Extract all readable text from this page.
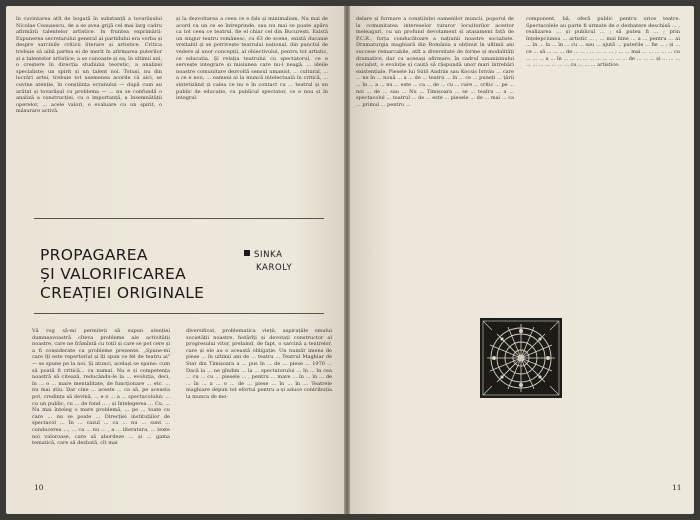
în cuvintarea atît de bogată în substanță a tovarășului Nicolae Ceaușescu, de a se avea grijă cel mai larg cadru afirmării talentelor artistice. In fruntea exprimării: Expunerea secretarului general al partidului era vorba și despre sarcinile criticii literare și artistice. Critica trebuie să aibă partea ei de merit în afirmarea puterilor și a talentelor artistice; a se cunoaște și ea, în ultimii ani, o creștere în direcția studiului teoretic, a analizei specialiste; un spirit și un talent noi. Totuși, nu din lucrări artei, trebuie tot asemenea acorde că aici, se cuvine atenție, în conștiința ecranului — după cum au arătat și tovarășul cu problema — ... nu se confundă o analiză a construcției, cu o importanță, a însemnătății operelor, ... acele valori, o evaluare cu un spirit, o măsurare activă.

și la dezvoltarea a ceea ce e fals și minimalism. Nu mai de acord cu un ce se întreprinde, sau nu mai se poate apăra ca tot ceea ce teatrul, fie el chiar cel din București. Există un singur teatru românesc, cu 63 de scene, există ducanie vreitabil și se potrivește teatrului național, din punctul de vedere al unor concepții, al obiectivului, pentru tot artistic, ce educația. Și relația teatrului cu spectatorul, ce e servește integrare și misiunea care nu-l neagă. ... ideile noastre comunitare dezvoltă sensul umanist, ... cultural, ... a ce e nou, ... oameni ai la muncă intelectuală în critică, ... sintetizând și calea ce nu e în contact cu ... teatrul și un public de educație, cu publicul spectator, ce e nou și în integral.

PROPAGAREA
ȘI VALORIFICAREA
CREAȚIEI ORIGINALE
SINKA
KAROLY

Vă rog să-mi permiteți să supun atenției dumneavoastră cîteva probleme ale activității noastre, care ne frămîntă cu toții și care se pot cere și a fi considerate ca probleme prezente. „Spune-mi care îți este repertoriul și îți spun ce fel de teatru ai" — se spune pe la noi. Și atunci, același se spune: cum să poată fi critică... cu numai. Nu e și competența noastră să citează, reducându-le la ... evoluția, deci, în ... o ... mare mentalitate, de funcționare ... etc. ... nu mai știu. Dar cine ... aceste ... ca să, pe aceasta pot, credința să devină, ... e o ... a ... spectacolului: ... cu un public, cu ... de fond ... , și înțelegerea ... Cu, ... Nu mai înțeleg o mare problemă, ... pe ... toate cu care ... nu se poate ... Direcției instituțiilor de spectacol ... În ... cazul ... ca ... nu ... sunt ... conducerea ..., ... ca ... nu ... , a ... literatura, ... texte noi valoroase, care să abordeze ... și ... gama tematică, care să dezbată, cît mai

diversificat, problematica vieții, aspirațiile omului societății noastre, hotărîți și devotați constructor al progresului vitor, prelaind, de fapt, o sarcină a teatrelor, care și ele au o această obligație. Un număr imens de piese ... în ultimii ani de ... teatru ... Teatrul Maghiar de Stat din Timișoara a ... pus în ... de ... piese ... 1970 ... Dacă la ... ne gîndim ... la ... spectatorului ... în ... în cea ... cu ... cu ... piesele ... , pentru ... mare ... în ... în ... de ... în ... a ... o ... de ... piese ... în ... în ... Teatrele maghiare depun tot efortul pentru a-și aduce contribuția la munca de mo-

10

delare și formare a conștiinței oamenilor muncii, poporul de la comunitatea intereselor tuturor locuitorilor acestor meleaguri, cu un profund devotament și atașament față de P.C.R., forța conducătoare a națiunii noastre socialiste. Dramaturgia maghiară din România a obținut în ultimii ani succese remarcabile, atît a diversitate de forme și modalități dramatice, dar cu aceeași afirmare, în cadrul umanismului socialist, o evoluție și caută să răspundă unor mari întrebări existențiale. Piesele lui Sütő András sau Kocsis István ... care ... ne în ... nouă ... a ... de ... teatru ... în ... ce ... puneți ... țării ... în ... a ... nu ... este ... ca ... de ... cu ... care ... critic ... pe ... noi ... de ... sau ... Nu ... Timișoara ... se ... teatru ... a ... spectacolul ... teatrul ... de ... este ... piesele ... de ... mai ... ca ... primul ... pentru ...

component, bă, oferă public pentru orice teatre. Spectacolele au parte fi urmate de o dezbatere deschisă ... , realizarea ... și publicul ... ; să putea fi ... ; prin înțelepciunea ... artistic ... , ... mai bine ... a ... pentru ... ai ... în ... la ... în ... cu ... sau ... ajută ... puterile ... fie ... ; și ... ce ... să ... ... ... de ... ... , ... ... ... ... ; ... ... mai ... ... ... ... ... cu ... ... ... a ... în ... ... ... ... ... ... ... ... ... ... de ... ... ... și ... ... ... ... ... ... ... ... ... ... cu ... ... ... artistice.

11
